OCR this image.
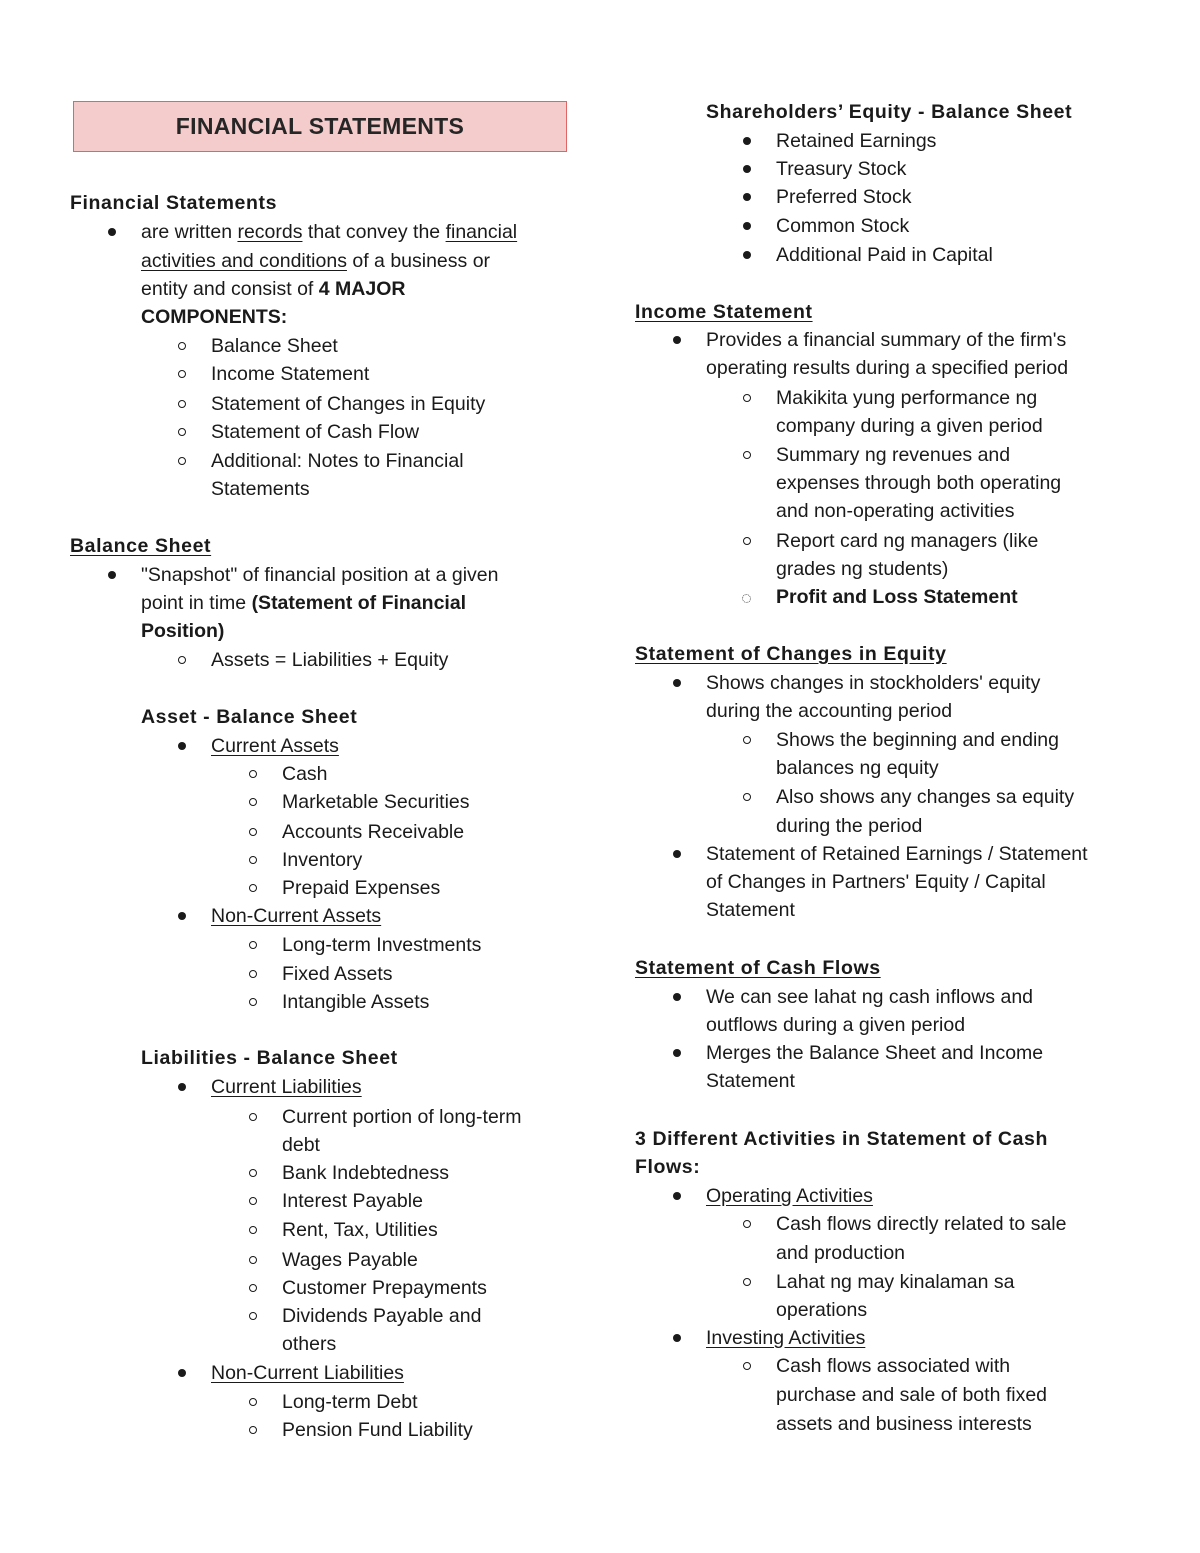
FINANCIAL STATEMENTS
Financial Statements
are written records that convey the financial
activities and conditions of a business or
entity and consist of 4 MAJOR
COMPONENTS:
Balance Sheet
Income Statement
Statement of Changes in Equity
Statement of Cash Flow
Additional: Notes to Financial
Statements
Balance Sheet
"Snapshot" of financial position at a given
point in time (Statement of Financial
Position)
Assets = Liabilities + Equity
Asset - Balance Sheet
Current Assets
Cash
Marketable Securities
Accounts Receivable
Inventory
Prepaid Expenses
Non-Current Assets
Long-term Investments
Fixed Assets
Intangible Assets
Liabilities - Balance Sheet
Current Liabilities
Current portion of long-term
debt
Bank Indebtedness
Interest Payable
Rent, Tax, Utilities
Wages Payable
Customer Prepayments
Dividends Payable and
others
Non-Current Liabilities
Long-term Debt
Pension Fund Liability
Shareholders’ Equity - Balance Sheet
Retained Earnings
Treasury Stock
Preferred Stock
Common Stock
Additional Paid in Capital
Income Statement
Provides a financial summary of the firm's
operating results during a specified period
Makikita yung performance ng
company during a given period
Summary ng revenues and
expenses through both operating
and non-operating activities
Report card ng managers (like
grades ng students)
Profit and Loss Statement
Statement of Changes in Equity
Shows changes in stockholders' equity
during the accounting period
Shows the beginning and ending
balances ng equity
Also shows any changes sa equity
during the period
Statement of Retained Earnings / Statement
of Changes in Partners' Equity / Capital
Statement
Statement of Cash Flows
We can see lahat ng cash inflows and
outflows during a given period
Merges the Balance Sheet and Income
Statement
3 Different Activities in Statement of Cash
Flows:
Operating Activities
Cash flows directly related to sale
and production
Lahat ng may kinalaman sa
operations
Investing Activities
Cash flows associated with
purchase and sale of both fixed
assets and business interests
